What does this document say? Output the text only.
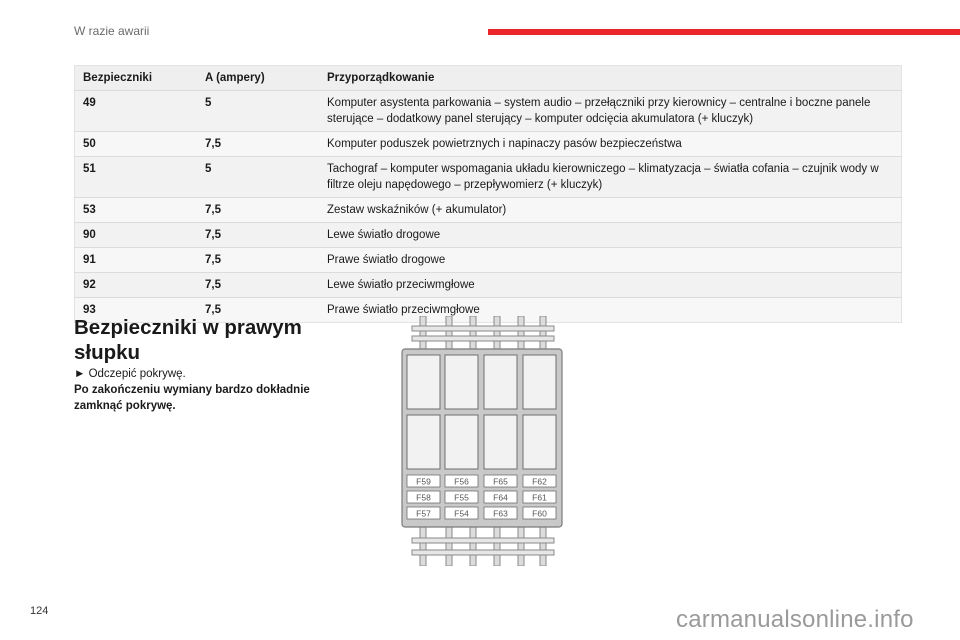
W razie awarii
Bezpieczniki	A (ampery)	Przyporządkowanie
49	5	Komputer asystenta parkowania – system audio – przełączniki przy kierownicy – centralne i boczne panele sterujące – dodatkowy panel sterujący – komputer odcięcia akumulatora (+ kluczyk)
50	7,5	Komputer poduszek powietrznych i napinaczy pasów bezpieczeństwa
51	5	Tachograf – komputer wspomagania układu kierowniczego – klimatyzacja – światła cofania – czujnik wody w filtrze oleju napędowego – przepływomierz (+ kluczyk)
53	7,5	Zestaw wskaźników (+ akumulator)
90	7,5	Lewe światło drogowe
91	7,5	Prawe światło drogowe
92	7,5	Lewe światło przeciwmgłowe
93	7,5	Prawe światło przeciwmgłowe
Bezpieczniki w prawym słupku
► Odczepić pokrywę.
Po zakończeniu wymiany bardzo dokładnie zamknąć pokrywę.
F59	F56	F65	F62
F58	F55	F64	F61
F57	F54	F63	F60
124	carmanualsonline.info
